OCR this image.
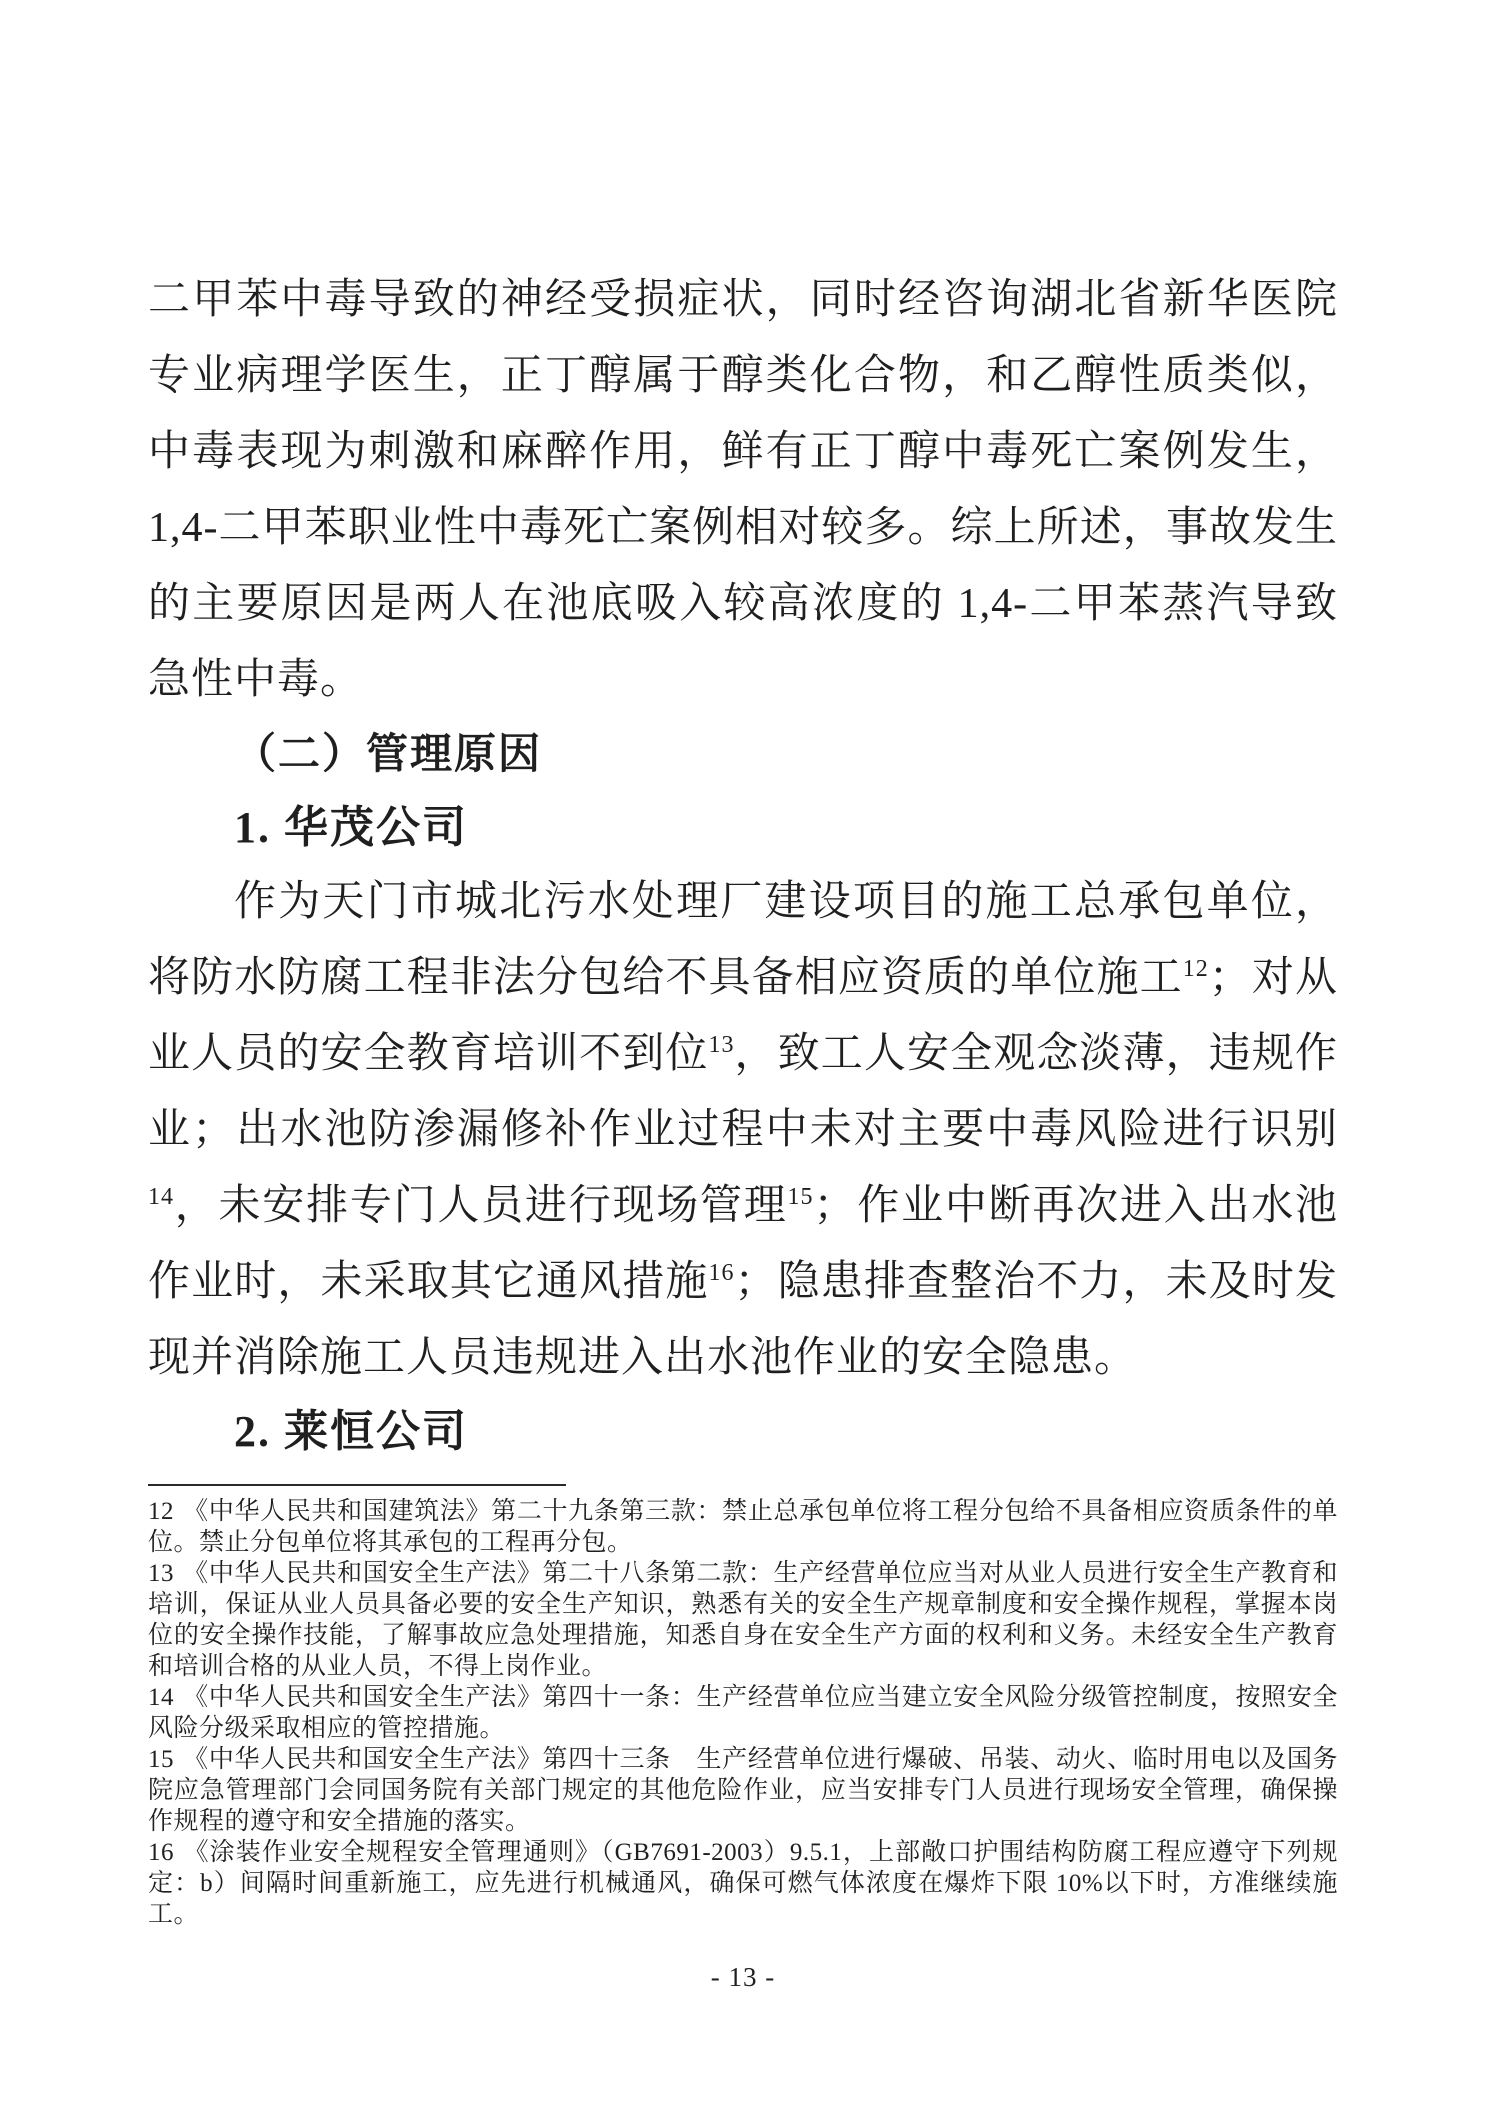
二甲苯中毒导致的神经受损症状，同时经咨询湖北省新华医院专业病理学医生，正丁醇属于醇类化合物，和乙醇性质类似，中毒表现为刺激和麻醉作用，鲜有正丁醇中毒死亡案例发生，1,4-二甲苯职业性中毒死亡案例相对较多。综上所述，事故发生的主要原因是两人在池底吸入较高浓度的 1,4-二甲苯蒸汽导致急性中毒。

（二）管理原因
1. 华茂公司

作为天门市城北污水处理厂建设项目的施工总承包单位，将防水防腐工程非法分包给不具备相应资质的单位施工$^{12}$；对从业人员的安全教育培训不到位$^{13}$，致工人安全观念淡薄，违规作业；出水池防渗漏修补作业过程中未对主要中毒风险进行识别$^{14}$，未安排专门人员进行现场管理$^{15}$；作业中断再次进入出水池作业时，未采取其它通风措施$^{16}$；隐患排查整治不力，未及时发现并消除施工人员违规进入出水池作业的安全隐患。

2. 莱恒公司

12 《中华人民共和国建筑法》第二十九条第三款：禁止总承包单位将工程分包给不具备相应资质条件的单位。禁止分包单位将其承包的工程再分包。

13 《中华人民共和国安全生产法》第二十八条第二款：生产经营单位应当对从业人员进行安全生产教育和培训，保证从业人员具备必要的安全生产知识，熟悉有关的安全生产规章制度和安全操作规程，掌握本岗位的安全操作技能，了解事故应急处理措施，知悉自身在安全生产方面的权利和义务。未经安全生产教育和培训合格的从业人员，不得上岗作业。

14 《中华人民共和国安全生产法》第四十一条：生产经营单位应当建立安全风险分级管控制度，按照安全风险分级采取相应的管控措施。

15 《中华人民共和国安全生产法》第四十三条　生产经营单位进行爆破、吊装、动火、临时用电以及国务院应急管理部门会同国务院有关部门规定的其他危险作业，应当安排专门人员进行现场安全管理，确保操作规程的遵守和安全措施的落实。

16 《涂装作业安全规程安全管理通则》（GB7691-2003）9.5.1，上部敞口护围结构防腐工程应遵守下列规定：b）间隔时间重新施工，应先进行机械通风，确保可燃气体浓度在爆炸下限 10%以下时，方准继续施工。

- 13 -
